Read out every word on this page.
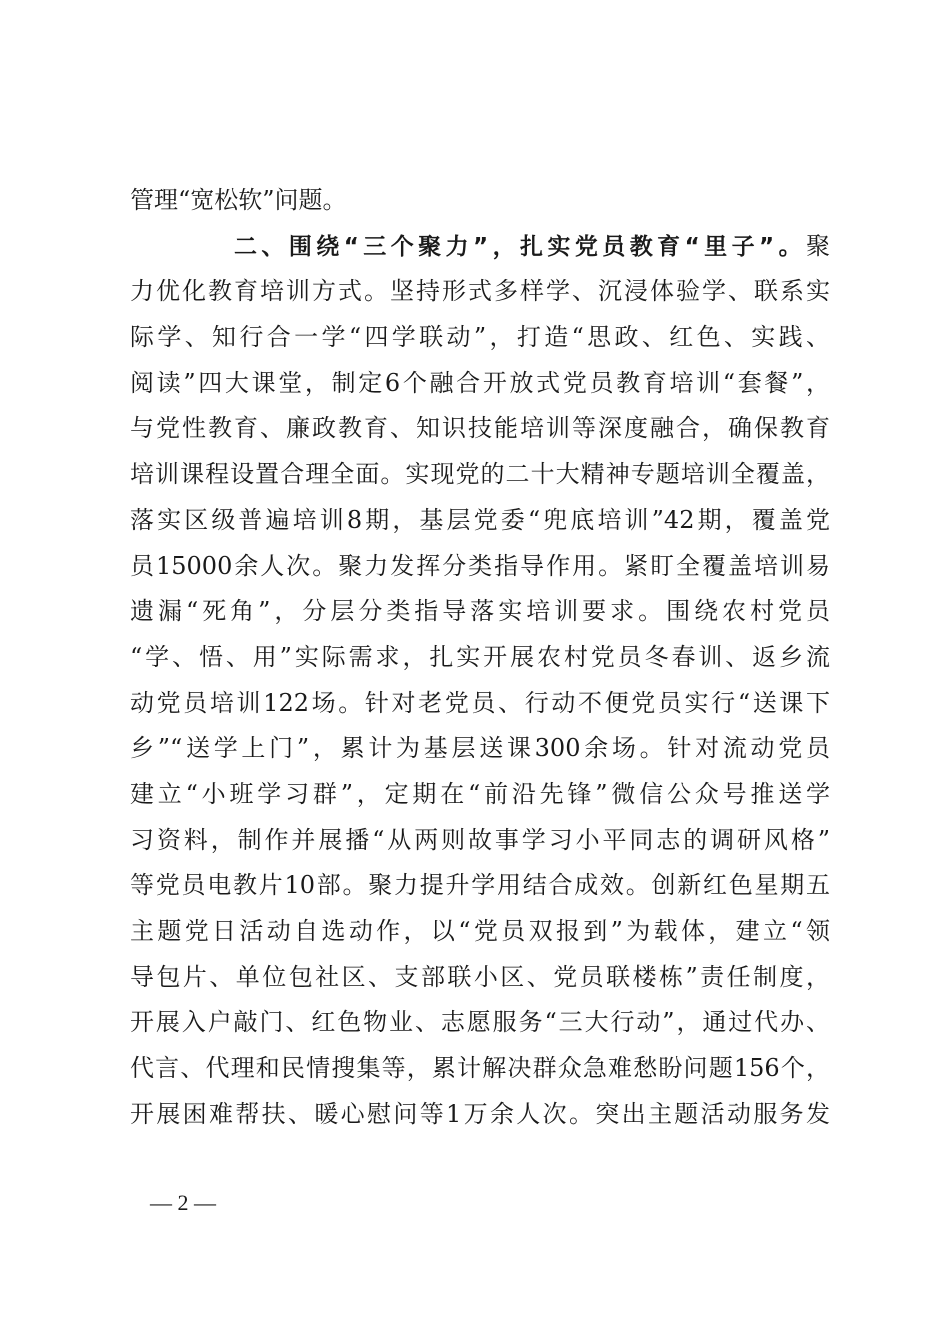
管理“宽松软”问题。
二、围绕“三个聚力”，扎实党员教育“里子”。聚
力优化教育培训方式。坚持形式多样学、沉浸体验学、联系实
际学、知行合一学“四学联动”，打造“思政、红色、实践、
阅读”四大课堂，制定6个融合开放式党员教育培训“套餐”，
与党性教育、廉政教育、知识技能培训等深度融合，确保教育
培训课程设置合理全面。实现党的二十大精神专题培训全覆盖，
落实区级普遍培训8期，基层党委“兜底培训”42期，覆盖党
员15000余人次。聚力发挥分类指导作用。紧盯全覆盖培训易
遗漏“死角”，分层分类指导落实培训要求。围绕农村党员
“学、悟、用”实际需求，扎实开展农村党员冬春训、返乡流
动党员培训122场。针对老党员、行动不便党员实行“送课下
乡”“送学上门”，累计为基层送课300余场。针对流动党员
建立“小班学习群”，定期在“前沿先锋”微信公众号推送学
习资料，制作并展播“从两则故事学习小平同志的调研风格”
等党员电教片10部。聚力提升学用结合成效。创新红色星期五
主题党日活动自选动作，以“党员双报到”为载体，建立“领
导包片、单位包社区、支部联小区、党员联楼栋”责任制度，
开展入户敲门、红色物业、志愿服务“三大行动”，通过代办、
代言、代理和民情搜集等，累计解决群众急难愁盼问题156个，
开展困难帮扶、暖心慰问等1万余人次。突出主题活动服务发
— 2 —
